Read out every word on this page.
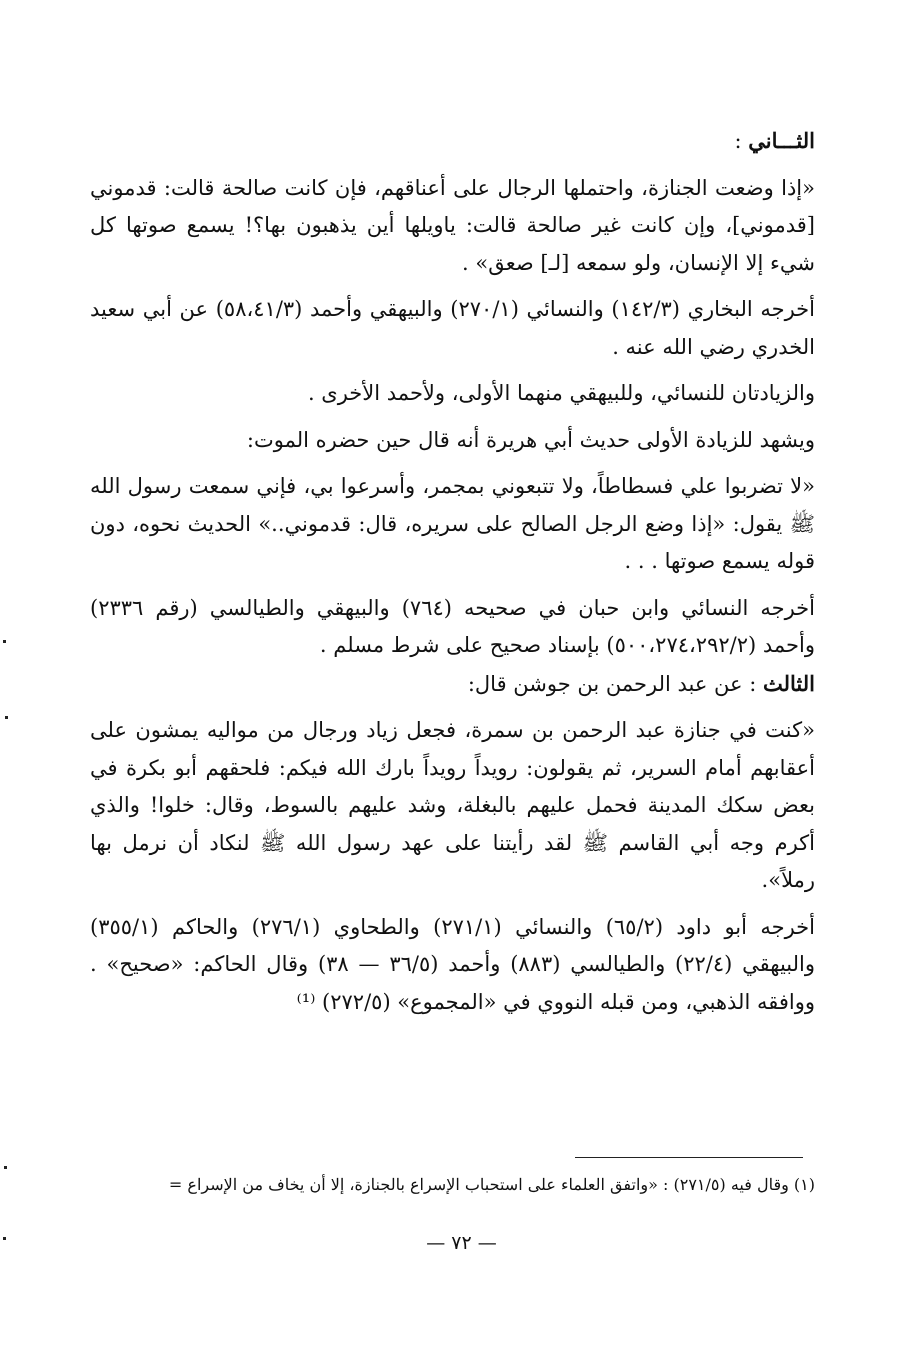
الثـــاني :

«إذا وضعت الجنازة، واحتملها الرجال على أعناقهم، فإن كانت صالحة قالت: قدموني [قدموني]، وإن كانت غير صالحة قالت: ياويلها أين يذهبون بها؟! يسمع صوتها كل شيء إلا الإنسان، ولو سمعه [لـ] صعق» .

أخرجه البخاري (١٤٢/٣) والنسائي (٢٧٠/١) والبيهقي وأحمد (٥٨،٤١/٣) عن أبي سعيد الخدري رضي الله عنه .

والزيادتان للنسائي، وللبيهقي منهما الأولى، ولأحمد الأخرى .

ويشهد للزيادة الأولى حديث أبي هريرة أنه قال حين حضره الموت:

«لا تضربوا علي فسطاطاً، ولا تتبعوني بمجمر، وأسرعوا بي، فإني سمعت رسول الله ﷺ يقول: «إذا وضع الرجل الصالح على سريره، قال: قدموني..» الحديث نحوه، دون قوله يسمع صوتها . . .

أخرجه النسائي وابن حبان في صحيحه (٧٦٤) والبيهقي والطيالسي (رقم ٢٣٣٦) وأحمد (٥٠٠،٢٧٤،٢٩٢/٢) بإسناد صحيح على شرط مسلم .

الثالث : عن عبد الرحمن بن جوشن قال:

«كنت في جنازة عبد الرحمن بن سمرة، فجعل زياد ورجال من مواليه يمشون على أعقابهم أمام السرير، ثم يقولون: رويداً رويداً بارك الله فيكم: فلحقهم أبو بكرة في بعض سكك المدينة فحمل عليهم بالبغلة، وشد عليهم بالسوط، وقال: خلوا! والذي أكرم وجه أبي القاسم ﷺ لقد رأيتنا على عهد رسول الله ﷺ لنكاد أن نرمل بها رملاً».

أخرجه أبو داود (٦٥/٢) والنسائي (٢٧١/١) والطحاوي (٢٧٦/١) والحاكم (٣٥٥/١) والبيهقي (٢٢/٤) والطيالسي (٨٨٣) وأحمد (٣٦/٥ — ٣٨) وقال الحاكم: «صحيح» . ووافقه الذهبي، ومن قبله النووي في «المجموع» (٢٧٢/٥) ⁽¹⁾

(١) وقال فيه (٢٧١/٥) : «واتفق العلماء على استحباب الإسراع بالجنازة، إلا أن يخاف من الإسراع =
— ٧٢ —
